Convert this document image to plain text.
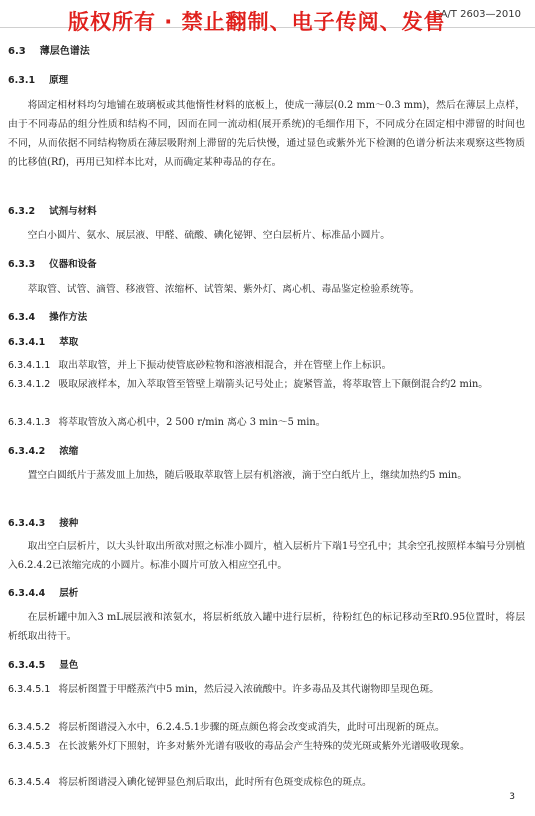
版权所有 · 禁止翻制、电子传阅、发售
GA/T 2603—2010
6.3 薄层色谱法
6.3.1 原理
将固定相材料均匀地铺在玻璃板或其他惰性材料的底板上，使成一薄层(0.2 mm～0.3 mm)，然后在薄层上点样，由于不同毒品的组分性质和结构不同，因而在同一流动相(展开系统)的毛细作用下，不同成分在固定相中滞留的时间也不同，从而依据不同结构物质在薄层吸附剂上滞留的先后快慢，通过显色或紫外光下检测的色谱分析法来观察这些物质的比移值(Rf)，再用已知样本比对，从而确定某种毒品的存在。
6.3.2 试剂与材料
空白小圆片、氨水、展层液、甲醛、硫酸、碘化铋钾、空白层析片、标准品小圆片。
6.3.3 仪器和设备
萃取管、试管、滴管、移液管、浓缩杯、试管架、紫外灯、离心机、毒品鉴定检验系统等。
6.3.4 操作方法
6.3.4.1 萃取
6.3.4.1.1 取出萃取管，并上下振动使管底砂粒物和溶液相混合，并在管壁上作上标识。
6.3.4.1.2 吸取尿液样本，加入萃取管至管壁上端箭头记号处止；旋紧管盖，将萃取管上下颠倒混合约2 min。
6.3.4.1.3 将萃取管放入离心机中，2 500 r/min 离心 3 min～5 min。
6.3.4.2 浓缩
置空白圆纸片于蒸发皿上加热，随后吸取萃取管上层有机溶液，滴于空白纸片上，继续加热约5 min。
6.3.4.3 接种
取出空白层析片，以大头针取出所欲对照之标准小圆片，植入层析片下端1号空孔中；其余空孔按照样本编号分别植入6.2.4.2已浓缩完成的小圆片。标准小圆片可放入相应空孔中。
6.3.4.4 层析
在层析罐中加入3 mL展层液和浓氨水，将层析纸放入罐中进行层析，待粉红色的标记移动至Rf0.95位置时，将层析纸取出待干。
6.3.4.5 显色
6.3.4.5.1 将层析图置于甲醛蒸汽中5 min，然后浸入浓硫酸中。许多毒品及其代谢物即呈现色斑。
6.3.4.5.2 将层析图谱浸入水中，6.2.4.5.1步骤的斑点颜色将会改变或消失，此时可出现新的斑点。
6.3.4.5.3 在长波紫外灯下照射，许多对紫外光谱有吸收的毒品会产生特殊的荧光斑或紫外光谱吸收现象。
6.3.4.5.4 将层析图谱浸入碘化铋钾显色剂后取出，此时所有色斑变成棕色的斑点。
3
